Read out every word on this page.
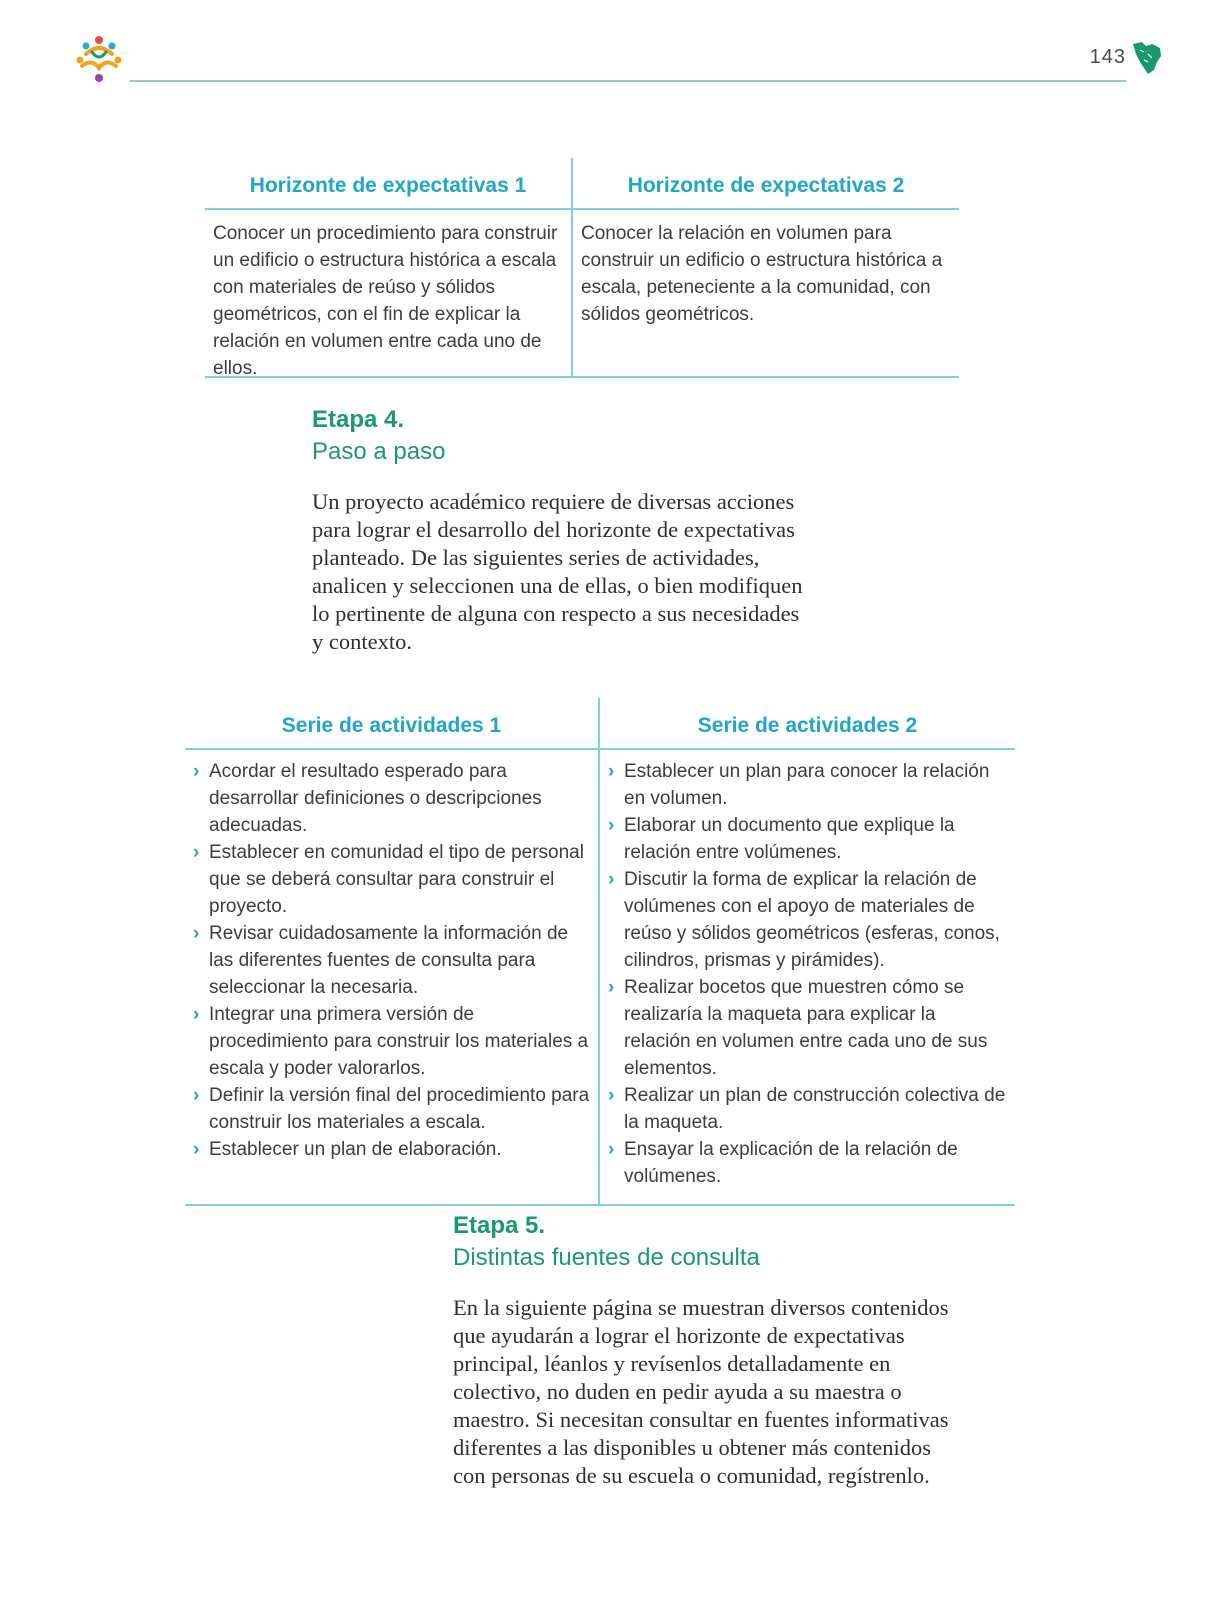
143
Horizonte de expectativas 1
Conocer un procedimiento para construir un edificio o estructura histórica a escala con materiales de reúso y sólidos geométricos, con el fin de explicar la relación en volumen entre cada uno de ellos.
Horizonte de expectativas 2
Conocer la relación en volumen para construir un edificio o estructura histórica a escala, peteneciente a la comunidad, con sólidos geométricos.
Etapa 4.
Paso a paso
Un proyecto académico requiere de diversas acciones para lograr el desarrollo del horizonte de expectativas planteado. De las siguientes series de actividades, analicen y seleccionen una de ellas, o bien modifiquen lo pertinente de alguna con respecto a sus necesidades y contexto.
Serie de actividades 1
› Acordar el resultado esperado para desarrollar definiciones o descripciones adecuadas.
› Establecer en comunidad el tipo de personal que se deberá consultar para construir el proyecto.
› Revisar cuidadosamente la información de las diferentes fuentes de consulta para seleccionar la necesaria.
› Integrar una primera versión de procedimiento para construir los materiales a escala y poder valorarlos.
› Definir la versión final del procedimiento para construir los materiales a escala.
› Establecer un plan de elaboración.
Serie de actividades 2
› Establecer un plan para conocer la relación en volumen.
› Elaborar un documento que explique la relación entre volúmenes.
› Discutir la forma de explicar la relación de volúmenes con el apoyo de materiales de reúso y sólidos geométricos (esferas, conos, cilindros, prismas y pirámides).
› Realizar bocetos que muestren cómo se realizaría la maqueta para explicar la relación en volumen entre cada uno de sus elementos.
› Realizar un plan de construcción colectiva de la maqueta.
› Ensayar la explicación de la relación de volúmenes.
Etapa 5.
Distintas fuentes de consulta
En la siguiente página se muestran diversos contenidos que ayudarán a lograr el horizonte de expectativas principal, léanlos y revísenlos detalladamente en colectivo, no duden en pedir ayuda a su maestra o maestro. Si necesitan consultar en fuentes informativas diferentes a las disponibles u obtener más contenidos con personas de su escuela o comunidad, regístrenlo.
